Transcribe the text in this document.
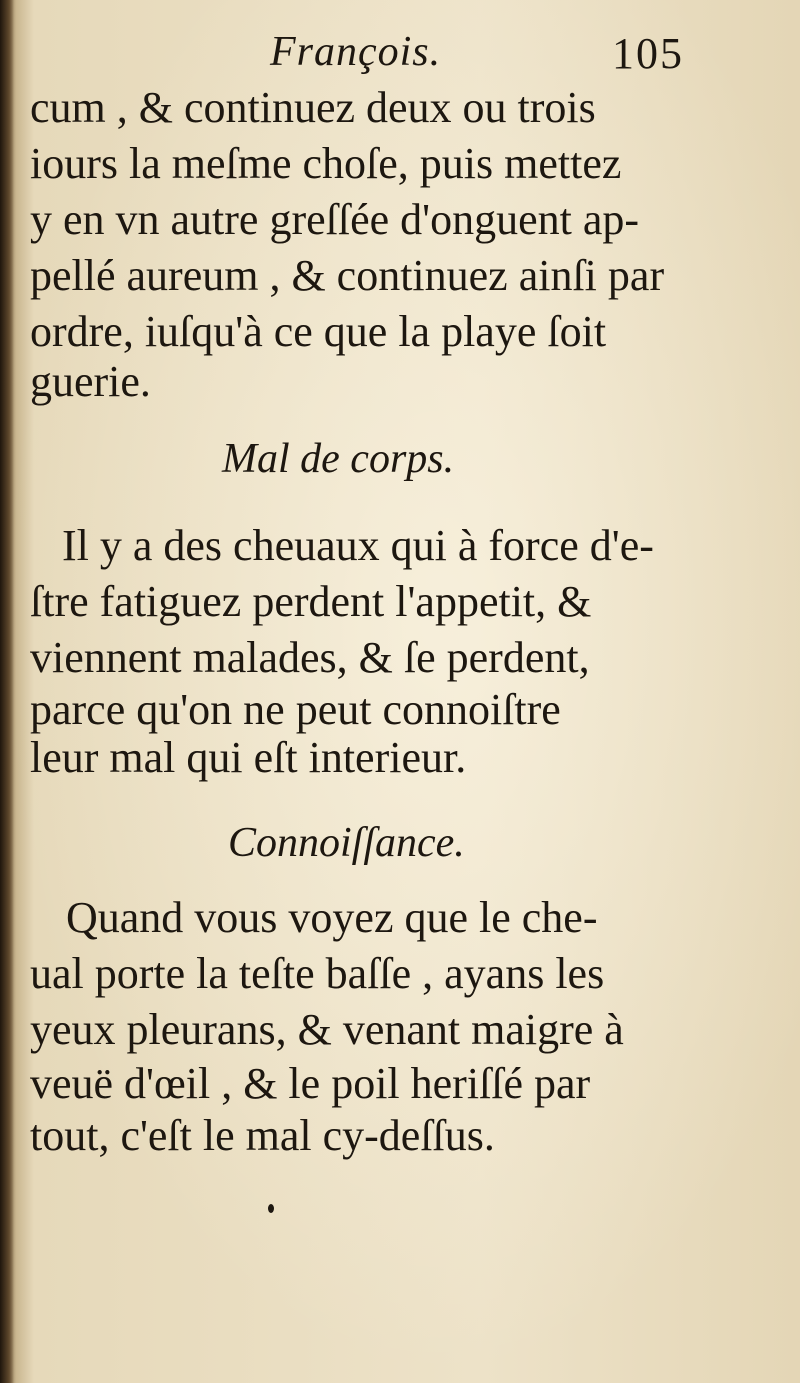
François.	105
cum , & continuez deux ou trois
iours la meſme choſe, puis mettez
y en vn autre greſſée d'onguent ap-
pellé aureum , & continuez ainſi par
ordre, iuſqu'à ce que la playe ſoit
guerie.
Mal de corps.
Il y a des cheuaux qui à force d'e-
ſtre fatiguez perdent l'appetit, &
viennent malades, & ſe perdent,
parce qu'on ne peut connoiſtre
leur mal qui eſt interieur.
Connoiſſance.
Quand vous voyez que le che-
ual porte la teſte baſſe , ayans les
yeux pleurans, & venant maigre à
veuë d'œil , & le poil heriſſé par
tout, c'eſt le mal cy-deſſus.
